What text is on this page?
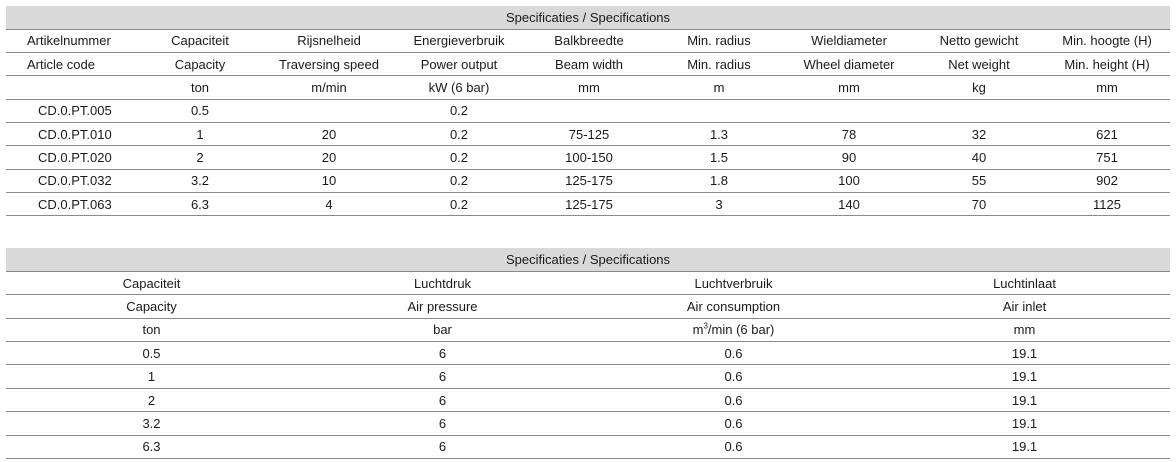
Specificaties / Specifications								
Artikelnummer	Capaciteit	Rijsnelheid	Energieverbruik	Balkbreedte	Min. radius	Wieldiameter	Netto gewicht	Min. hoogte (H)
Article code	Capacity	Traversing speed	Power output	Beam width	Min. radius	Wheel diameter	Net weight	Min. height (H)
	ton	m/min	kW (6 bar)	mm	m	mm	kg	mm
CD.0.PT.005	0.5		0.2					
CD.0.PT.010	1	20	0.2	75-125	1.3	78	32	621
CD.0.PT.020	2	20	0.2	100-150	1.5	90	40	751
CD.0.PT.032	3.2	10	0.2	125-175	1.8	100	55	902
CD.0.PT.063	6.3	4	0.2	125-175	3	140	70	1125
Specificaties / Specifications			
Capaciteit	Luchtdruk	Luchtverbruik	Luchtinlaat
Capacity	Air pressure	Air consumption	Air inlet
ton	bar	$m^3/\min$ (6 bar)	mm
0.5	6	0.6	19.1
1	6	0.6	19.1
2	6	0.6	19.1
3.2	6	0.6	19.1
6.3	6	0.6	19.1
